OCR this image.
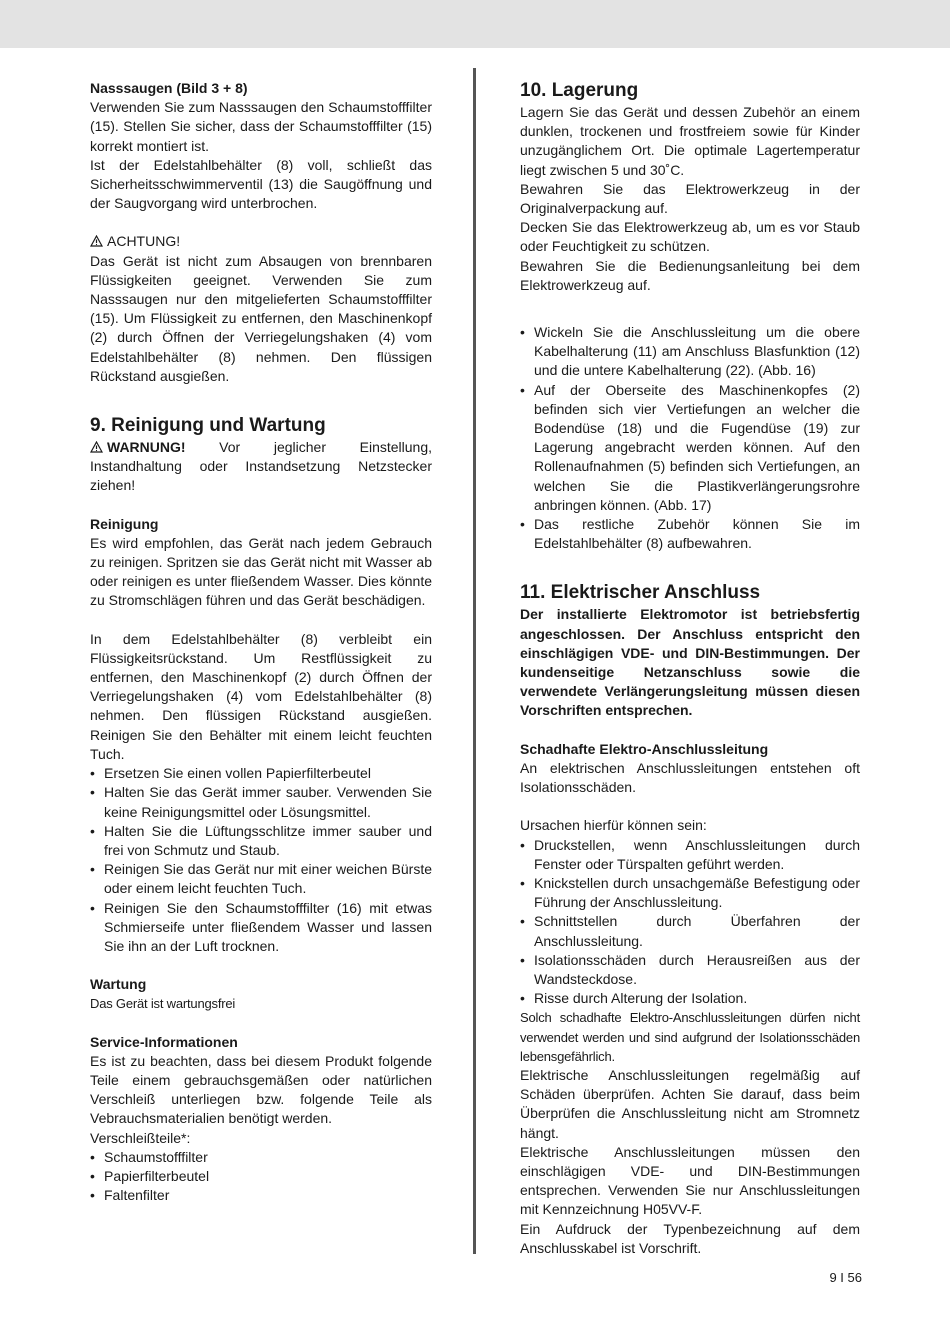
Nasssaugen (Bild 3 + 8)

Verwenden Sie zum Nasssaugen den Schaumstofffilter (15). Stellen Sie sicher, dass der Schaumstofffilter (15) korrekt montiert ist.

Ist der Edelstahlbehälter (8) voll, schließt das Sicherheitsschwimmerventil (13) die Saugöffnung und der Saugvorgang wird unterbrochen.

ACHTUNG!

Das Gerät ist nicht zum Absaugen von brennbaren Flüssigkeiten geeignet. Verwenden Sie zum Nasssaugen nur den mitgelieferten Schaumstofffilter (15). Um Flüssigkeit zu entfernen, den Maschinenkopf (2) durch Öffnen der Verriegelungshaken (4) vom Edelstahlbehälter (8) nehmen. Den flüssigen Rückstand ausgießen.

9. Reinigung und Wartung

WARNUNG! Vor jeglicher Einstellung, Instandhaltung oder Instandsetzung Netzstecker ziehen!

Reinigung

Es wird empfohlen, das Gerät nach jedem Gebrauch zu reinigen. Spritzen sie das Gerät nicht mit Wasser ab oder reinigen es unter fließendem Wasser. Dies könnte zu Stromschlägen führen und das Gerät beschädigen.

In dem Edelstahlbehälter (8) verbleibt ein Flüssigkeitsrückstand. Um Restflüssigkeit zu entfernen, den Maschinenkopf (2) durch Öffnen der Verriegelungshaken (4) vom Edelstahlbehälter (8) nehmen. Den flüssigen Rückstand ausgießen. Reinigen Sie den Behälter mit einem leicht feuchten Tuch.

• Ersetzen Sie einen vollen Papierfilterbeutel
• Halten Sie das Gerät immer sauber. Verwenden Sie keine Reinigungsmittel oder Lösungsmittel.
• Halten Sie die Lüftungsschlitze immer sauber und frei von Schmutz und Staub.
• Reinigen Sie das Gerät nur mit einer weichen Bürste oder einem leicht feuchten Tuch.
• Reinigen Sie den Schaumstofffilter (16) mit etwas Schmierseife unter fließendem Wasser und lassen Sie ihn an der Luft trocknen.

Wartung

Das Gerät ist wartungsfrei

Service-Informationen

Es ist zu beachten, dass bei diesem Produkt folgende Teile einem gebrauchsgemäßen oder natürlichen Verschleiß unterliegen bzw. folgende Teile als Vebrauchsmaterialien benötigt werden.

Verschleißteile*:

• Schaumstofffilter
• Papierfilterbeutel
• Faltenfilter
10. Lagerung

Lagern Sie das Gerät und dessen Zubehör an einem dunklen, trockenen und frostfreiem sowie für Kinder unzugänglichem Ort. Die optimale Lagertemperatur liegt zwischen 5 und 30˚C.

Bewahren Sie das Elektrowerkzeug in der Originalverpackung auf.

Decken Sie das Elektrowerkzeug ab, um es vor Staub oder Feuchtigkeit zu schützen.

Bewahren Sie die Bedienungsanleitung bei dem Elektrowerkzeug auf.

• Wickeln Sie die Anschlussleitung um die obere Kabelhalterung (11) am Anschluss Blasfunktion (12) und die untere Kabelhalterung (22). (Abb. 16)
• Auf der Oberseite des Maschinenkopfes (2) befinden sich vier Vertiefungen an welcher die Bodendüse (18) und die Fugendüse (19) zur Lagerung angebracht werden können. Auf den Rollenaufnahmen (5) befinden sich Vertiefungen, an welchen Sie die Plastikverlängerungsrohre anbringen können. (Abb. 17)
• Das restliche Zubehör können Sie im Edelstahlbehälter (8) aufbewahren.
11. Elektrischer Anschluss

Der installierte Elektromotor ist betriebsfertig angeschlossen. Der Anschluss entspricht den einschlägigen VDE- und DIN-Bestimmungen. Der kundenseitige Netzanschluss sowie die verwendete Verlängerungsleitung müssen diesen Vorschriften entsprechen.

Schadhafte Elektro-Anschlussleitung

An elektrischen Anschlussleitungen entstehen oft Isolationsschäden.

Ursachen hierfür können sein:

• Druckstellen, wenn Anschlussleitungen durch Fenster oder Türspalten geführt werden.
• Knickstellen durch unsachgemäße Befestigung oder Führung der Anschlussleitung.
• Schnittstellen durch Überfahren der Anschlussleitung.
• Isolationsschäden durch Herausreißen aus der Wandsteckdose.
• Risse durch Alterung der Isolation.

Solch schadhafte Elektro-Anschlussleitungen dürfen nicht verwendet werden und sind aufgrund der Isolationsschäden lebensgefährlich.

Elektrische Anschlussleitungen regelmäßig auf Schäden überprüfen. Achten Sie darauf, dass beim Überprüfen die Anschlussleitung nicht am Stromnetz hängt.

Elektrische Anschlussleitungen müssen den einschlägigen VDE- und DIN-Bestimmungen entsprechen. Verwenden Sie nur Anschlussleitungen mit Kennzeichnung H05VV-F.

Ein Aufdruck der Typenbezeichnung auf dem Anschlusskabel ist Vorschrift.

9 I 56
